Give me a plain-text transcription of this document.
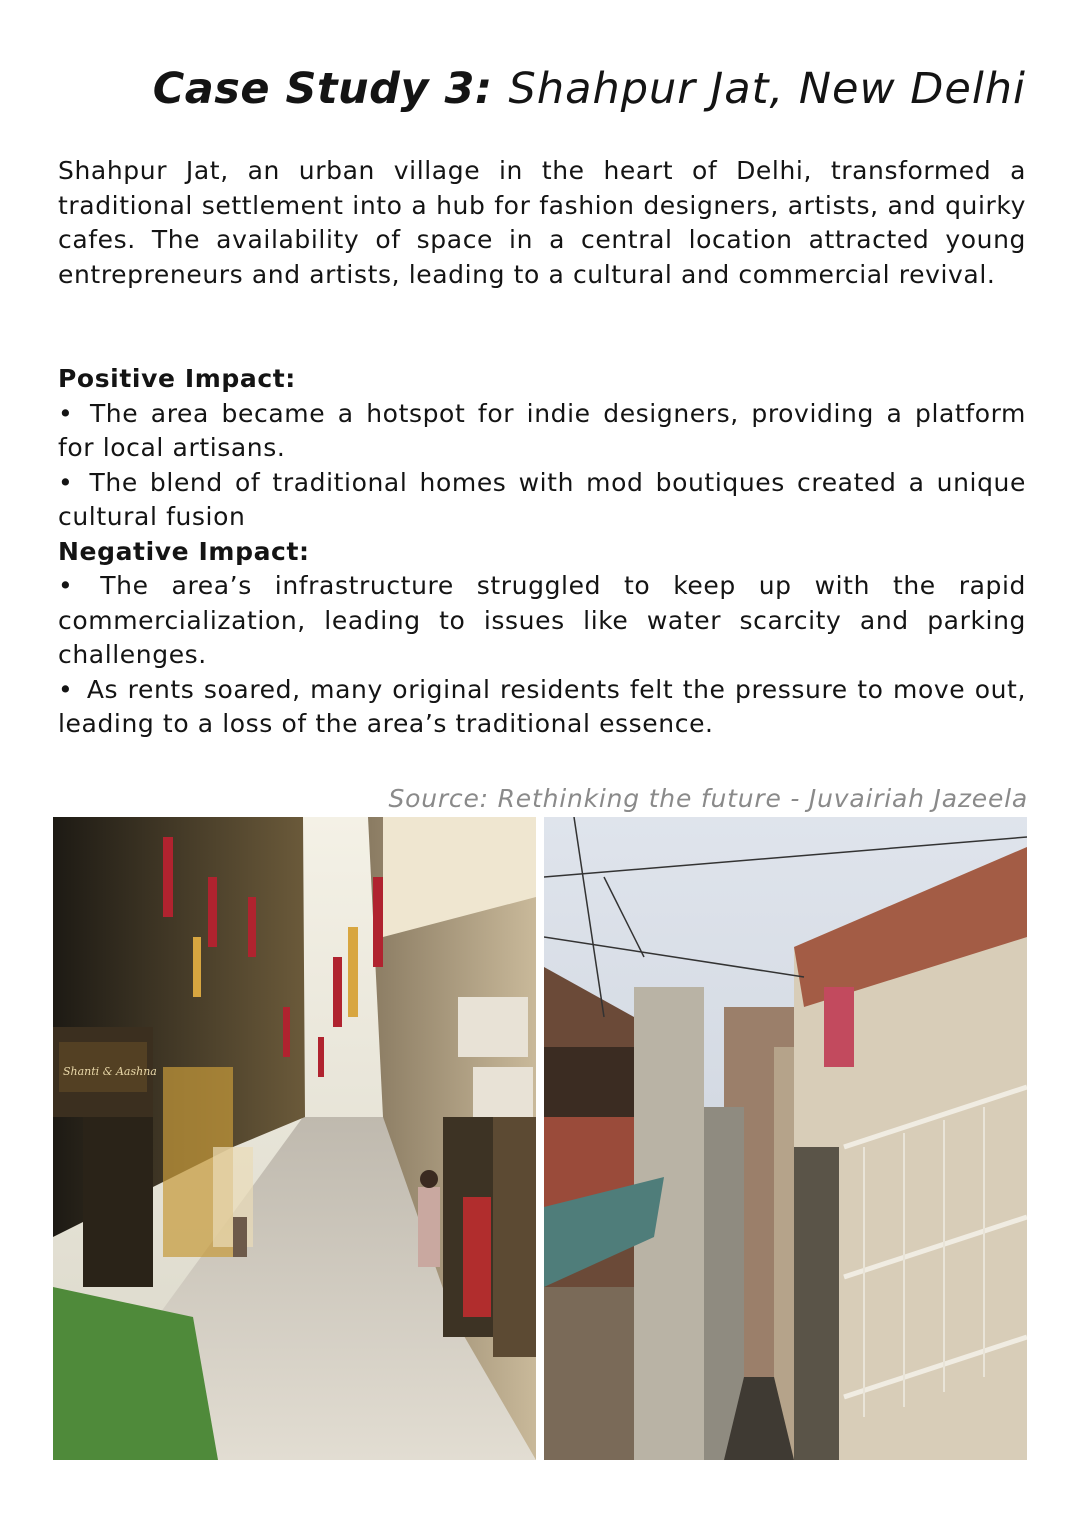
Case Study 3: Shahpur Jat, New Delhi

Shahpur Jat, an urban village in the heart of Delhi, transformed a traditional settlement into a hub for fashion designers, artists, and quirky cafes. The availability of space in a central location attracted young entrepreneurs and artists, leading to a cultural and commercial revival.

Positive Impact:

• The area became a hotspot for indie designers, providing a platform for local artisans.

• The blend of traditional homes with mod boutiques created a unique cultural fusion

Negative Impact:

• The area’s infrastructure struggled to keep up with the rapid commercialization, leading to issues like water scarcity and parking challenges.

• As rents soared, many original residents felt the pressure to move out, leading to a loss of the area’s traditional essence.

Source: Rethinking the future - Juvairiah Jazeela

Shanti & Aashna
